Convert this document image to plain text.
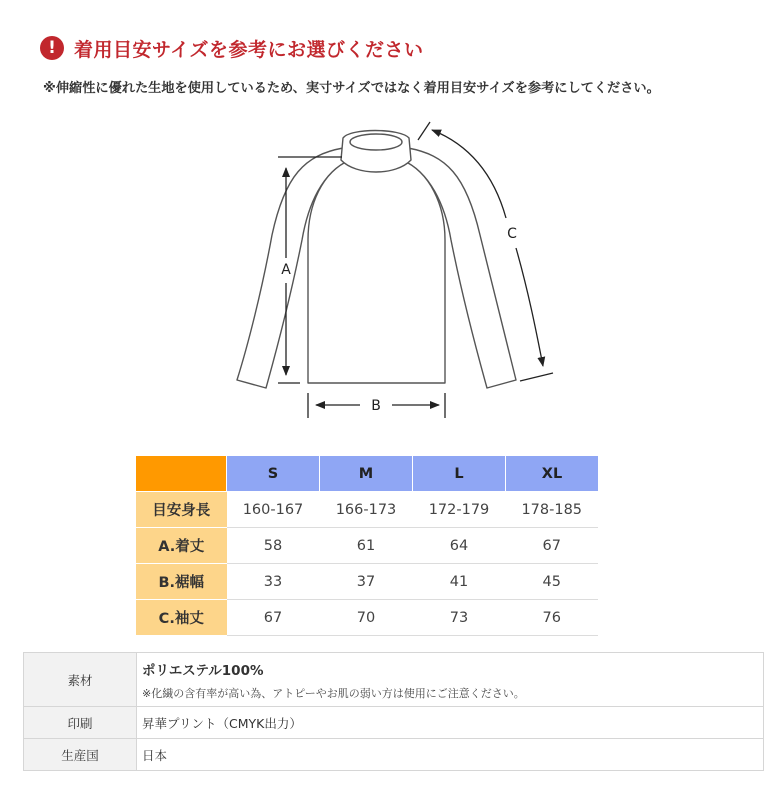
! 着用目安サイズを参考にお選びください
※伸縮性に優れた生地を使用しているため、実寸サイズではなく着用目安サイズを参考にしてください。
A
B
C
	S	M	L	XL
目安身長	160-167	166-173	172-179	178-185
A.着丈	58	61	64	67
B.裾幅	33	37	41	45
C.袖丈	67	70	73	76
素材	ポリエステル100%
※化繊の含有率が高い為、アトピーやお肌の弱い方は使用にご注意ください。

印刷	昇華プリント（CMYK出力）
生産国	日本
